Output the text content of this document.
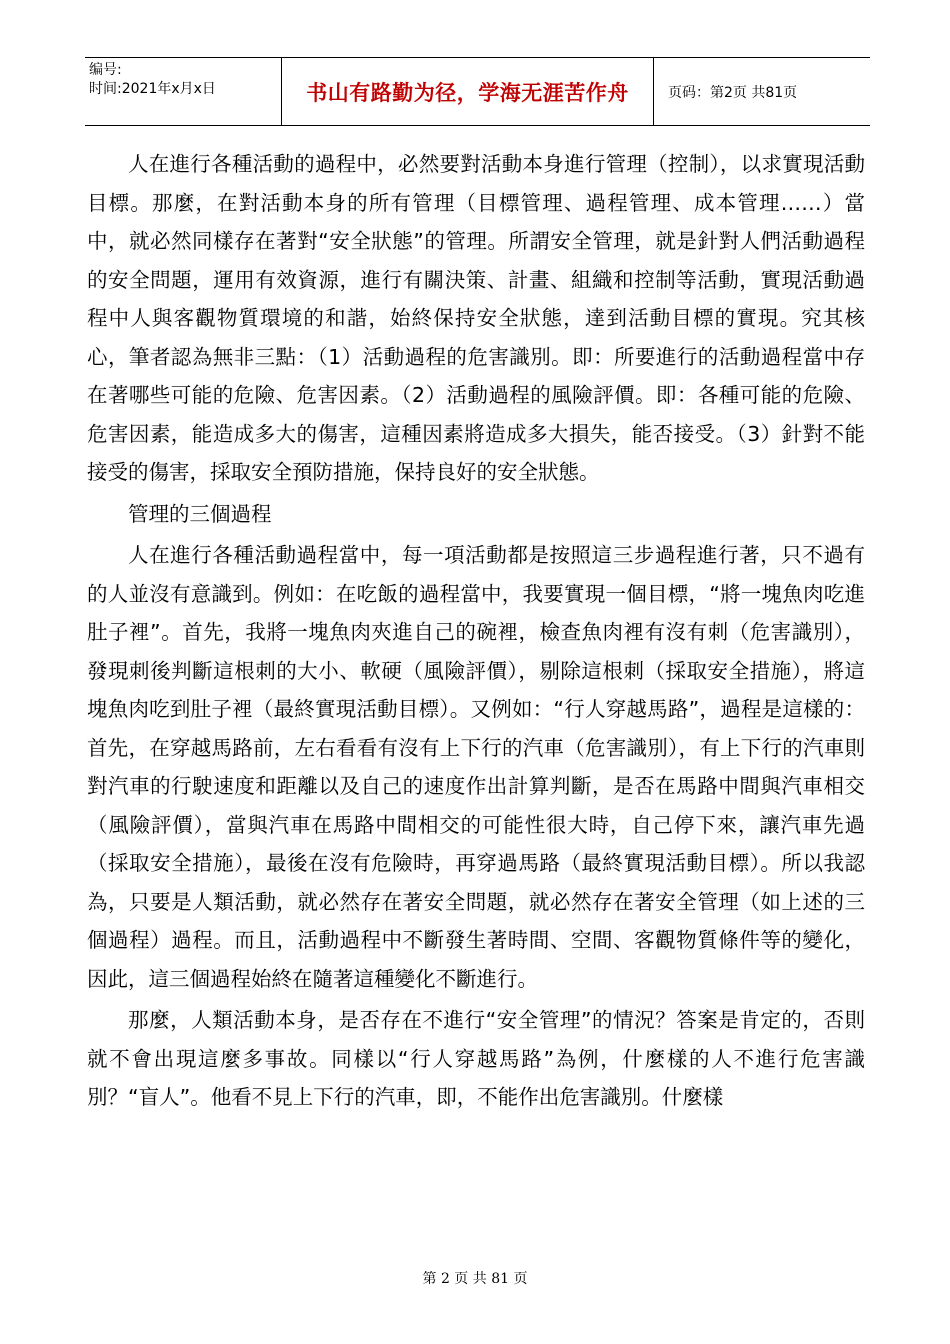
编号:
时间:2021年x月x日	书山有路勤为径，学海无涯苦作舟	页码：第2页 共81页

人在進行各種活動的過程中，必然要對活動本身進行管理（控制），以求實現活動目標。那麼，在對活動本身的所有管理（目標管理、過程管理、成本管理……）當中，就必然同樣存在著對“安全狀態”的管理。所謂安全管理，就是針對人們活動過程的安全問題，運用有效資源，進行有關決策、計畫、組織和控制等活動，實現活動過程中人與客觀物質環境的和諧，始終保持安全狀態，達到活動目標的實現。究其核心，筆者認為無非三點：（1）活動過程的危害識別。即：所要進行的活動過程當中存在著哪些可能的危險、危害因素。（2）活動過程的風險評價。即：各種可能的危險、危害因素，能造成多大的傷害，這種因素將造成多大損失，能否接受。（3）針對不能接受的傷害，採取安全預防措施，保持良好的安全狀態。

管理的三個過程

人在進行各種活動過程當中，每一項活動都是按照這三步過程進行著，只不過有的人並沒有意識到。例如：在吃飯的過程當中，我要實現一個目標，“將一塊魚肉吃進肚子裡”。首先，我將一塊魚肉夾進自己的碗裡，檢查魚肉裡有沒有刺（危害識別），發現刺後判斷這根刺的大小、軟硬（風險評價），剔除這根刺（採取安全措施），將這塊魚肉吃到肚子裡（最終實現活動目標）。又例如：“行人穿越馬路”，過程是這樣的：首先，在穿越馬路前，左右看看有沒有上下行的汽車（危害識別），有上下行的汽車則對汽車的行駛速度和距離以及自己的速度作出計算判斷，是否在馬路中間與汽車相交（風險評價），當與汽車在馬路中間相交的可能性很大時，自己停下來，讓汽車先過（採取安全措施），最後在沒有危險時，再穿過馬路（最終實現活動目標）。所以我認為，只要是人類活動，就必然存在著安全問題，就必然存在著安全管理（如上述的三個過程）過程。而且，活動過程中不斷發生著時間、空間、客觀物質條件等的變化，因此，這三個過程始終在隨著這種變化不斷進行。

那麼，人類活動本身，是否存在不進行“安全管理”的情況？答案是肯定的，否則就不會出現這麼多事故。同樣以“行人穿越馬路”為例，什麼樣的人不進行危害識別？“盲人”。他看不見上下行的汽車，即，不能作出危害識別。什麼樣

第 2 页 共 81 页
